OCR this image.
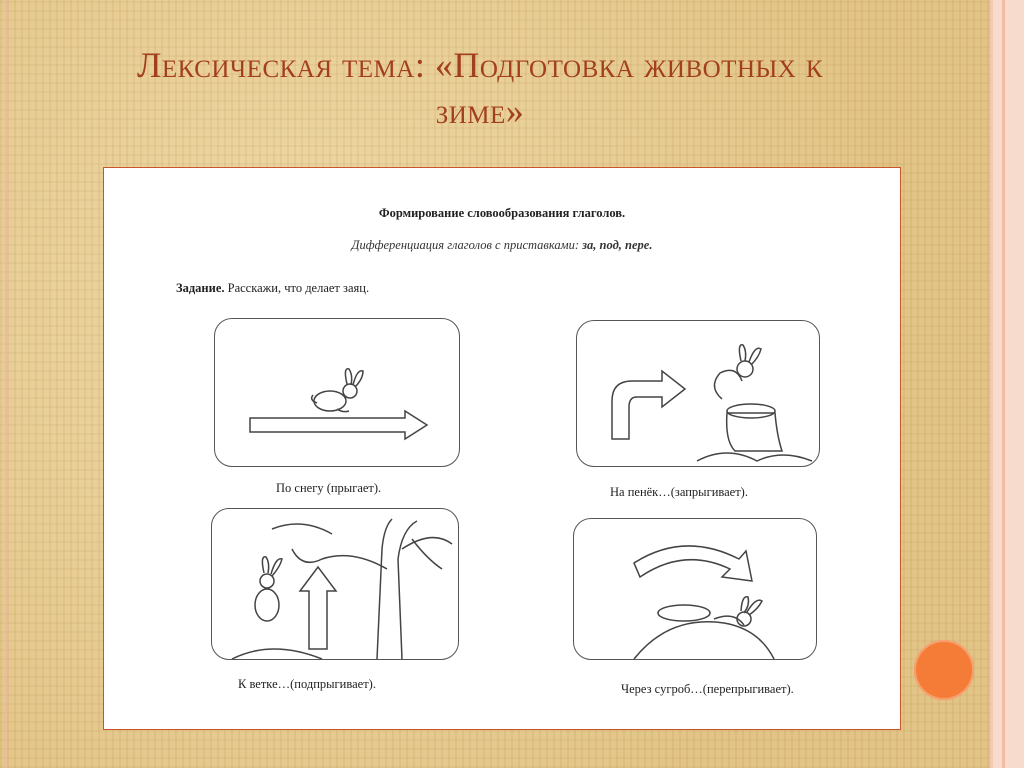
Лексическая тема: «Подготовка животных к зиме»
Формирование словообразования глаголов.
Дифференциация глаголов с приставками: за, под, пере.
Задание. Расскажи, что делает заяц.
По снегу (прыгает).	На пенёк…(запрыгивает).
К ветке…(подпрыгивает).	Через сугроб…(перепрыгивает).
